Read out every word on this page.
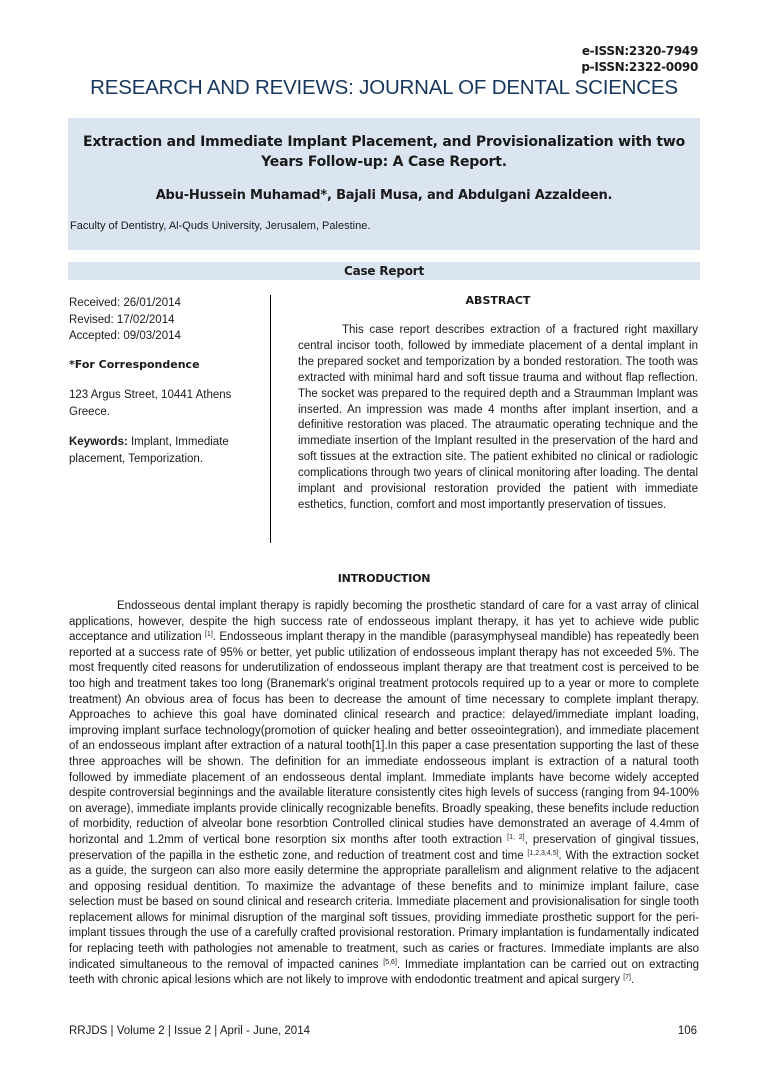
e-ISSN:2320-7949
p-ISSN:2322-0090
RESEARCH AND REVIEWS: JOURNAL OF DENTAL SCIENCES
Extraction and Immediate Implant Placement, and Provisionalization with two Years Follow-up: A Case Report.
Abu-Hussein Muhamad*, Bajali Musa, and Abdulgani Azzaldeen.
Faculty of Dentistry, Al-Quds University, Jerusalem, Palestine.
Case Report
Received: 26/01/2014
Revised: 17/02/2014
Accepted: 09/03/2014
*For Correspondence
123 Argus Street, 10441 Athens Greece.
Keywords: Implant, Immediate placement, Temporization.
ABSTRACT

This case report describes extraction of a fractured right maxillary central incisor tooth, followed by immediate placement of a dental implant in the prepared socket and temporization by a bonded restoration. The tooth was extracted with minimal hard and soft tissue trauma and without flap reflection. The socket was prepared to the required depth and a Straumman Implant was inserted. An impression was made 4 months after implant insertion, and a definitive restoration was placed. The atraumatic operating technique and the immediate insertion of the Implant resulted in the preservation of the hard and soft tissues at the extraction site. The patient exhibited no clinical or radiologic complications through two years of clinical monitoring after loading. The dental implant and provisional restoration provided the patient with immediate esthetics, function, comfort and most importantly preservation of tissues.

INTRODUCTION

Endosseous dental implant therapy is rapidly becoming the prosthetic standard of care for a vast array of clinical applications, however, despite the high success rate of endosseous implant therapy, it has yet to achieve wide public acceptance and utilization [1]. Endosseous implant therapy in the mandible (parasymphyseal mandible) has repeatedly been reported at a success rate of 95% or better, yet public utilization of endosseous implant therapy has not exceeded 5%. The most frequently cited reasons for underutilization of endosseous implant therapy are that treatment cost is perceived to be too high and treatment takes too long (Branemark's original treatment protocols required up to a year or more to complete treatment) An obvious area of focus has been to decrease the amount of time necessary to complete implant therapy. Approaches to achieve this goal have dominated clinical research and practice: delayed/immediate implant loading, improving implant surface technology(promotion of quicker healing and better osseointegration), and immediate placement of an endosseous implant after extraction of a natural tooth[1].In this paper a case presentation supporting the last of these three approaches will be shown. The definition for an immediate endosseous implant is extraction of a natural tooth followed by immediate placement of an endosseous dental implant. Immediate implants have become widely accepted despite controversial beginnings and the available literature consistently cites high levels of success (ranging from 94-100% on average), immediate implants provide clinically recognizable benefits. Broadly speaking, these benefits include reduction of morbidity, reduction of alveolar bone resorbtion Controlled clinical studies have demonstrated an average of 4.4mm of horizontal and 1.2mm of vertical bone resorption six months after tooth extraction [1, 2], preservation of gingival tissues, preservation of the papilla in the esthetic zone, and reduction of treatment cost and time [1,2,3,4,5]. With the extraction socket as a guide, the surgeon can also more easily determine the appropriate parallelism and alignment relative to the adjacent and opposing residual dentition. To maximize the advantage of these benefits and to minimize implant failure, case selection must be based on sound clinical and research criteria. Immediate placement and provisionalisation for single tooth replacement allows for minimal disruption of the marginal soft tissues, providing immediate prosthetic support for the peri-implant tissues through the use of a carefully crafted provisional restoration. Primary implantation is fundamentally indicated for replacing teeth with pathologies not amenable to treatment, such as caries or fractures. Immediate implants are also indicated simultaneous to the removal of impacted canines [5,6]. Immediate implantation can be carried out on extracting teeth with chronic apical lesions which are not likely to improve with endodontic treatment and apical surgery [7].

RRJDS | Volume 2 | Issue 2 | April - June, 2014	106
